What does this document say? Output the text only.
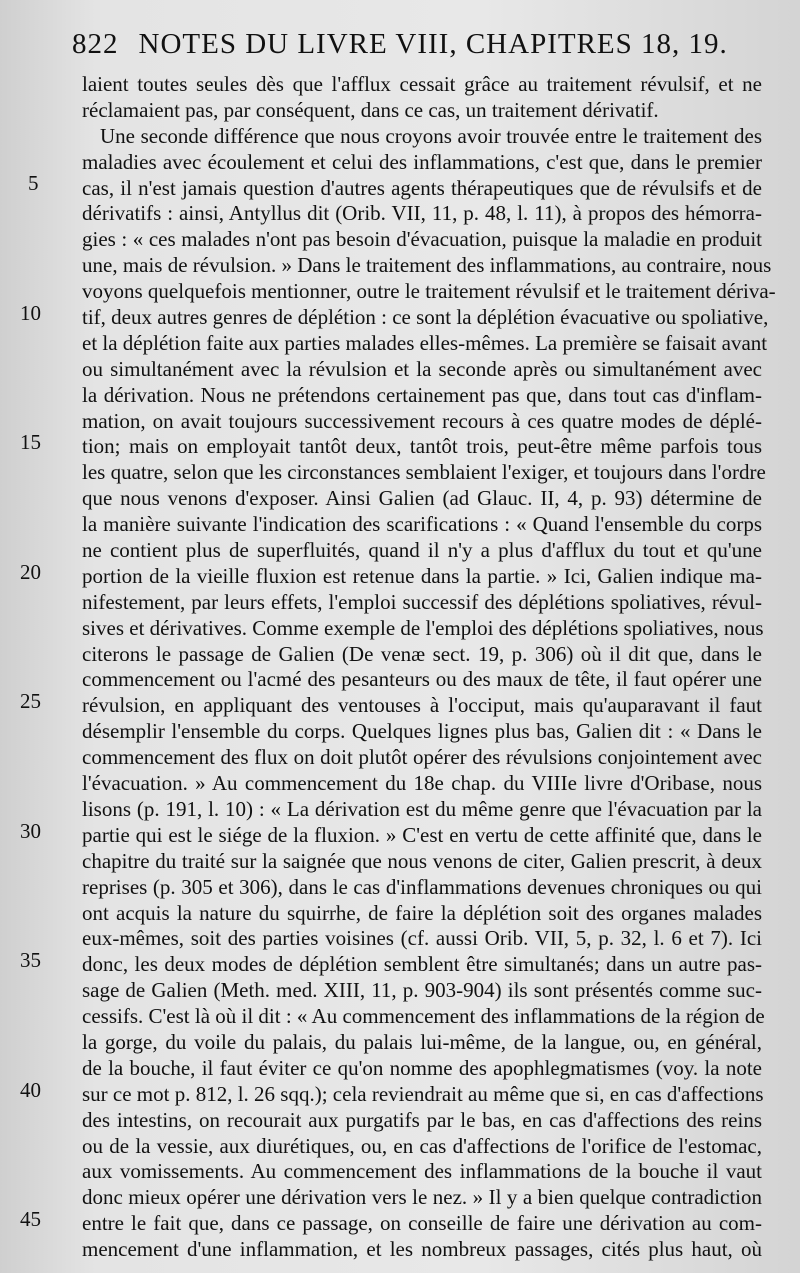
822 NOTES DU LIVRE VIII, CHAPITRES 18, 19.
laient toutes seules dès que l'afflux cessait grâce au traitement révulsif, et ne
réclamaient pas, par conséquent, dans ce cas, un traitement dérivatif.
Une seconde différence que nous croyons avoir trouvée entre le traitement des
maladies avec écoulement et celui des inflammations, c'est que, dans le premier
cas, il n'est jamais question d'autres agents thérapeutiques que de révulsifs et de
dérivatifs : ainsi, Antyllus dit (Orib. VII, 11, p. 48, l. 11), à propos des hémorra-
gies : « ces malades n'ont pas besoin d'évacuation, puisque la maladie en produit
une, mais de révulsion. » Dans le traitement des inflammations, au contraire, nous
voyons quelquefois mentionner, outre le traitement révulsif et le traitement dériva-
tif, deux autres genres de déplétion : ce sont la déplétion évacuative ou spoliative,
et la déplétion faite aux parties malades elles-mêmes. La première se faisait avant
ou simultanément avec la révulsion et la seconde après ou simultanément avec
la dérivation. Nous ne prétendons certainement pas que, dans tout cas d'inflam-
mation, on avait toujours successivement recours à ces quatre modes de déplé-
tion; mais on employait tantôt deux, tantôt trois, peut-être même parfois tous
les quatre, selon que les circonstances semblaient l'exiger, et toujours dans l'ordre
que nous venons d'exposer. Ainsi Galien (ad Glauc. II, 4, p. 93) détermine de
la manière suivante l'indication des scarifications : « Quand l'ensemble du corps
ne contient plus de superfluités, quand il n'y a plus d'afflux du tout et qu'une
portion de la vieille fluxion est retenue dans la partie. » Ici, Galien indique ma-
nifestement, par leurs effets, l'emploi successif des déplétions spoliatives, révul-
sives et dérivatives. Comme exemple de l'emploi des déplétions spoliatives, nous
citerons le passage de Galien (De venæ sect. 19, p. 306) où il dit que, dans le
commencement ou l'acmé des pesanteurs ou des maux de tête, il faut opérer une
révulsion, en appliquant des ventouses à l'occiput, mais qu'auparavant il faut
désemplir l'ensemble du corps. Quelques lignes plus bas, Galien dit : « Dans le
commencement des flux on doit plutôt opérer des révulsions conjointement avec
l'évacuation. » Au commencement du 18e chap. du VIIIe livre d'Oribase, nous
lisons (p. 191, l. 10) : « La dérivation est du même genre que l'évacuation par la
partie qui est le siége de la fluxion. » C'est en vertu de cette affinité que, dans le
chapitre du traité sur la saignée que nous venons de citer, Galien prescrit, à deux
reprises (p. 305 et 306), dans le cas d'inflammations devenues chroniques ou qui
ont acquis la nature du squirrhe, de faire la déplétion soit des organes malades
eux-mêmes, soit des parties voisines (cf. aussi Orib. VII, 5, p. 32, l. 6 et 7). Ici
donc, les deux modes de déplétion semblent être simultanés; dans un autre pas-
sage de Galien (Meth. med. XIII, 11, p. 903-904) ils sont présentés comme suc-
cessifs. C'est là où il dit : « Au commencement des inflammations de la région de
la gorge, du voile du palais, du palais lui-même, de la langue, ou, en général,
de la bouche, il faut éviter ce qu'on nomme des apophlegmatismes (voy. la note
sur ce mot p. 812, l. 26 sqq.); cela reviendrait au même que si, en cas d'affections
des intestins, on recourait aux purgatifs par le bas, en cas d'affections des reins
ou de la vessie, aux diurétiques, ou, en cas d'affections de l'orifice de l'estomac,
aux vomissements. Au commencement des inflammations de la bouche il vaut
donc mieux opérer une dérivation vers le nez. » Il y a bien quelque contradiction
entre le fait que, dans ce passage, on conseille de faire une dérivation au com-
mencement d'une inflammation, et les nombreux passages, cités plus haut, où
5
10
15
20
25
30
35
40
45
